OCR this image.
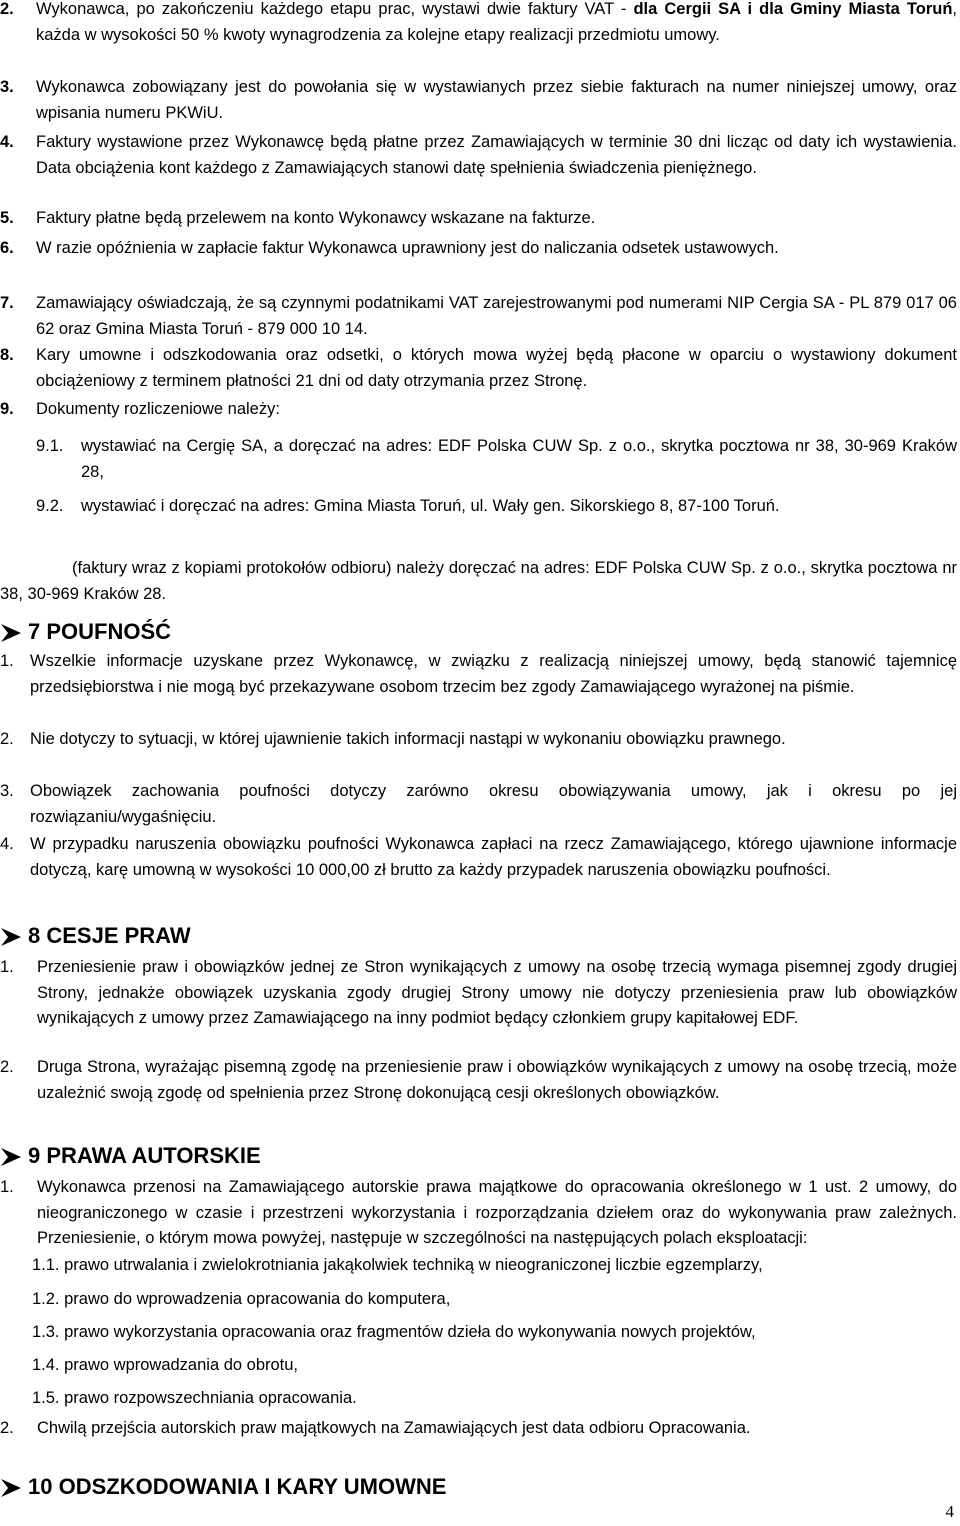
2.	Wykonawca, po zakończeniu każdego etapu prac, wystawi dwie faktury VAT - dla Cergii SA i dla Gminy Miasta Toruń, każda w wysokości 50 % kwoty wynagrodzenia za kolejne etapy realizacji przedmiotu umowy.
3.	Wykonawca zobowiązany jest do powołania się w wystawianych przez siebie fakturach na numer niniejszej umowy, oraz wpisania numeru PKWiU.
4.	Faktury wystawione przez Wykonawcę będą płatne przez Zamawiających w terminie 30 dni licząc od daty ich wystawienia. Data obciążenia kont każdego z Zamawiających stanowi datę spełnienia świadczenia pieniężnego.
5.	Faktury płatne będą przelewem na konto Wykonawcy wskazane na fakturze.
6.	W razie opóźnienia w zapłacie faktur Wykonawca uprawniony jest do naliczania odsetek ustawowych.
7.	Zamawiający oświadczają, że są czynnymi podatnikami VAT zarejestrowanymi pod numerami NIP Cergia SA - PL 879 017 06 62 oraz Gmina Miasta Toruń - 879 000 10 14.
8.	Kary umowne i odszkodowania oraz odsetki, o których mowa wyżej będą płacone w oparciu o wystawiony dokument obciążeniowy z terminem płatności 21 dni od daty otrzymania przez Stronę.
9.	Dokumenty rozliczeniowe należy:
9.1.	wystawiać na Cergię SA, a doręczać na adres: EDF Polska CUW Sp. z o.o., skrytka pocztowa nr 38, 30-969 Kraków 28,
9.2.	wystawiać i doręczać na adres: Gmina Miasta Toruń, ul. Wały gen. Sikorskiego 8, 87-100 Toruń.
(faktury wraz z kopiami protokołów odbioru) należy doręczać na adres: EDF Polska CUW Sp. z o.o., skrytka pocztowa nr 38, 30-969 Kraków 28.
7 POUFNOŚĆ
1. Wszelkie informacje uzyskane przez Wykonawcę, w związku z realizacją niniejszej umowy, będą stanowić tajemnicę przedsiębiorstwa i nie mogą być przekazywane osobom trzecim bez zgody Zamawiającego wyrażonej na piśmie.
2. Nie dotyczy to sytuacji, w której ujawnienie takich informacji nastąpi w wykonaniu obowiązku prawnego.
3. Obowiązek zachowania poufności dotyczy zarówno okresu obowiązywania umowy, jak i okresu po jej rozwiązaniu/wygaśnięciu.
4. W przypadku naruszenia obowiązku poufności Wykonawca zapłaci na rzecz Zamawiającego, którego ujawnione informacje dotyczą, karę umowną w wysokości 10 000,00 zł brutto za każdy przypadek naruszenia obowiązku poufności.
8 CESJE PRAW
1.	Przeniesienie praw i obowiązków jednej ze Stron wynikających z umowy na osobę trzecią wymaga pisemnej zgody drugiej Strony, jednakże obowiązek uzyskania zgody drugiej Strony umowy nie dotyczy przeniesienia praw lub obowiązków wynikających z umowy przez Zamawiającego na inny podmiot będący członkiem grupy kapitałowej EDF.
2.	Druga Strona, wyrażając pisemną zgodę na przeniesienie praw i obowiązków wynikających z umowy na osobę trzecią, może uzależnić swoją zgodę od spełnienia przez Stronę dokonującą cesji określonych obowiązków.
9 PRAWA AUTORSKIE
1.	Wykonawca przenosi na Zamawiającego autorskie prawa majątkowe do opracowania określonego w 1 ust. 2 umowy, do nieograniczonego w czasie i przestrzeni wykorzystania i rozporządzania dziełem oraz do wykonywania praw zależnych. Przeniesienie, o którym mowa powyżej, następuje w szczególności na następujących polach eksploatacji:
1.1. prawo utrwalania i zwielokrotniania jakąkolwiek techniką w nieograniczonej liczbie egzemplarzy,
1.2. prawo do wprowadzenia opracowania do komputera,
1.3. prawo wykorzystania opracowania oraz fragmentów dzieła do wykonywania nowych projektów,
1.4. prawo wprowadzania do obrotu,
1.5. prawo rozpowszechniania opracowania.
2.	Chwilą przejścia autorskich praw majątkowych na Zamawiających jest data odbioru Opracowania.
10 ODSZKODOWANIA I KARY UMOWNE
4
